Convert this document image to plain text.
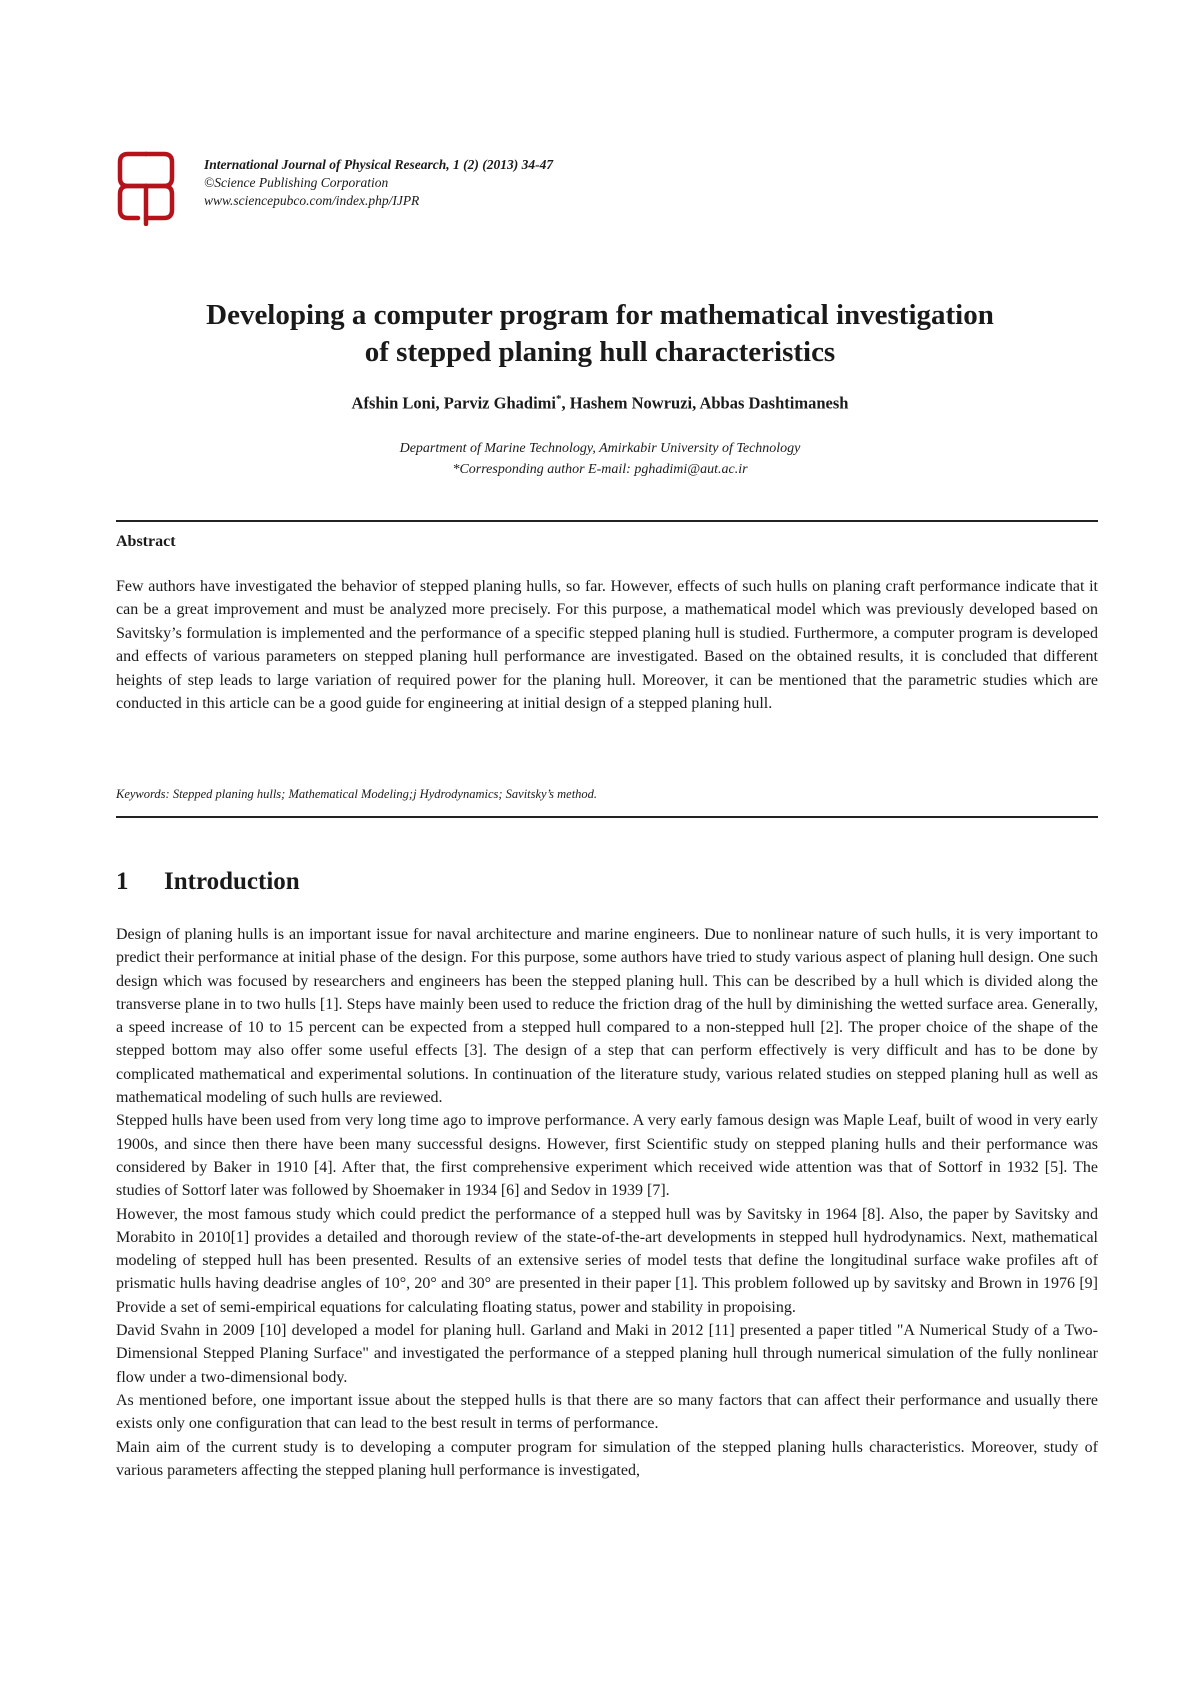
International Journal of Physical Research, 1 (2) (2013) 34-47
©Science Publishing Corporation
www.sciencepubco.com/index.php/IJPR
Developing a computer program for mathematical investigation
of stepped planing hull characteristics
Afshin Loni, Parviz Ghadimi*, Hashem Nowruzi, Abbas Dashtimanesh
Department of Marine Technology, Amirkabir University of Technology
*Corresponding author E-mail: pghadimi@aut.ac.ir
Abstract
Few authors have investigated the behavior of stepped planing hulls, so far. However, effects of such hulls on planing craft performance indicate that it can be a great improvement and must be analyzed more precisely. For this purpose, a mathematical model which was previously developed based on Savitsky’s formulation is implemented and the performance of a specific stepped planing hull is studied. Furthermore, a computer program is developed and effects of various parameters on stepped planing hull performance are investigated. Based on the obtained results, it is concluded that different heights of step leads to large variation of required power for the planing hull. Moreover, it can be mentioned that the parametric studies which are conducted in this article can be a good guide for engineering at initial design of a stepped planing hull.
Keywords: Stepped planing hulls; Mathematical Modeling;j Hydrodynamics; Savitsky’s method.
1 Introduction

Design of planing hulls is an important issue for naval architecture and marine engineers. Due to nonlinear nature of such hulls, it is very important to predict their performance at initial phase of the design. For this purpose, some authors have tried to study various aspect of planing hull design. One such design which was focused by researchers and engineers has been the stepped planing hull. This can be described by a hull which is divided along the transverse plane in to two hulls [1]. Steps have mainly been used to reduce the friction drag of the hull by diminishing the wetted surface area. Generally, a speed increase of 10 to 15 percent can be expected from a stepped hull compared to a non-stepped hull [2]. The proper choice of the shape of the stepped bottom may also offer some useful effects [3]. The design of a step that can perform effectively is very difficult and has to be done by complicated mathematical and experimental solutions. In continuation of the literature study, various related studies on stepped planing hull as well as mathematical modeling of such hulls are reviewed.

Stepped hulls have been used from very long time ago to improve performance. A very early famous design was Maple Leaf, built of wood in very early 1900s, and since then there have been many successful designs. However, first Scientific study on stepped planing hulls and their performance was considered by Baker in 1910 [4]. After that, the first comprehensive experiment which received wide attention was that of Sottorf in 1932 [5]. The studies of Sottorf later was followed by Shoemaker in 1934 [6] and Sedov in 1939 [7].

However, the most famous study which could predict the performance of a stepped hull was by Savitsky in 1964 [8]. Also, the paper by Savitsky and Morabito in 2010[1] provides a detailed and thorough review of the state-of-the-art developments in stepped hull hydrodynamics. Next, mathematical modeling of stepped hull has been presented. Results of an extensive series of model tests that define the longitudinal surface wake profiles aft of prismatic hulls having deadrise angles of 10°, 20° and 30° are presented in their paper [1]. This problem followed up by savitsky and Brown in 1976 [9] Provide a set of semi-empirical equations for calculating floating status, power and stability in propoising.

David Svahn in 2009 [10] developed a model for planing hull. Garland and Maki in 2012 [11] presented a paper titled "A Numerical Study of a Two-Dimensional Stepped Planing Surface" and investigated the performance of a stepped planing hull through numerical simulation of the fully nonlinear flow under a two-dimensional body.

As mentioned before, one important issue about the stepped hulls is that there are so many factors that can affect their performance and usually there exists only one configuration that can lead to the best result in terms of performance.

Main aim of the current study is to developing a computer program for simulation of the stepped planing hulls characteristics. Moreover, study of various parameters affecting the stepped planing hull performance is investigated,
